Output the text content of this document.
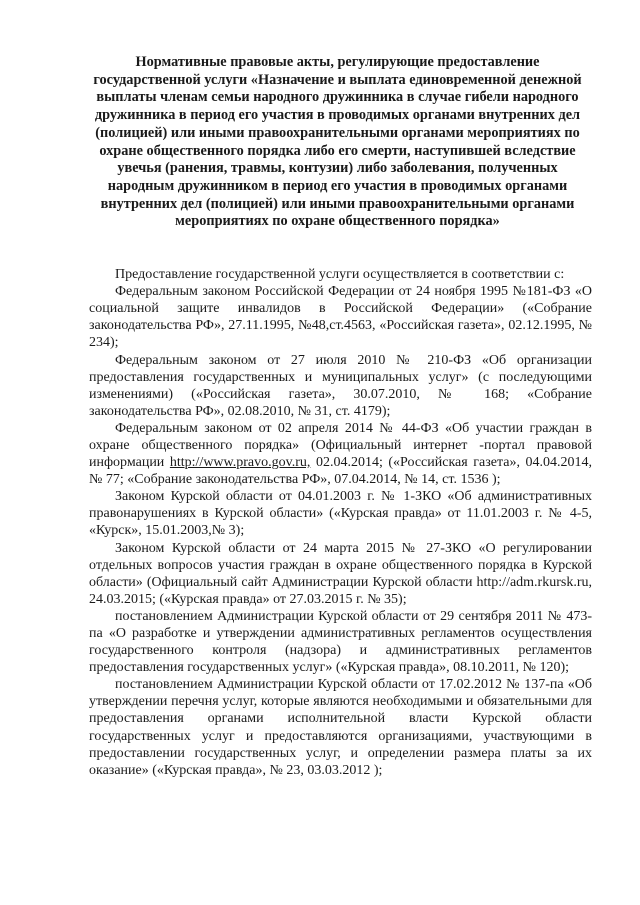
Нормативные правовые акты, регулирующие предоставление государственной услуги «Назначение и выплата единовременной денежной выплаты членам семьи народного дружинника в случае гибели народного дружинника в период его участия в проводимых органами внутренних дел (полицией) или иными правоохранительными органами мероприятиях по охране общественного порядка либо его смерти, наступившей вследствие увечья (ранения, травмы, контузии) либо заболевания, полученных народным дружинником в период его участия в проводимых органами внутренних дел (полицией) или иными правоохранительными органами мероприятиях по охране общественного порядка»

Предоставление государственной услуги осуществляется в соответствии с:

Федеральным законом Российской Федерации от 24 ноября 1995 №181-ФЗ «О социальной защите инвалидов в Российской Федерации» («Собрание законодательства РФ», 27.11.1995, №48,ст.4563, «Российская газета», 02.12.1995, № 234);

Федеральным законом от 27 июля 2010 № 210-ФЗ «Об организации предоставления государственных и муниципальных услуг» (с последующими изменениями) («Российская газета», 30.07.2010, № 168; «Собрание законодательства РФ», 02.08.2010, № 31, ст. 4179);

Федеральным законом от 02 апреля 2014 № 44-ФЗ «Об участии граждан в охране общественного порядка» (Официальный интернет -портал правовой информации http://www.pravo.gov.ru, 02.04.2014; («Российская газета», 04.04.2014, № 77; «Собрание законодательства РФ», 07.04.2014, № 14, ст. 1536 );

Законом Курской области от 04.01.2003 г. № 1-ЗКО «Об административных правонарушениях в Курской области» («Курская правда» от 11.01.2003 г. № 4-5, «Курск», 15.01.2003,№ 3);

Законом Курской области от 24 марта 2015 № 27-ЗКО «О регулировании отдельных вопросов участия граждан в охране общественного порядка в Курской области» (Официальный сайт Администрации Курской области http://adm.rkursk.ru, 24.03.2015; («Курская правда» от 27.03.2015 г. № 35);

постановлением Администрации Курской области от 29 сентября 2011 № 473-па «О разработке и утверждении административных регламентов осуществления государственного контроля (надзора) и административных регламентов предоставления государственных услуг» («Курская правда», 08.10.2011, № 120);

постановлением Администрации Курской области от 17.02.2012 № 137-па «Об утверждении перечня услуг, которые являются необходимыми и обязательными для предоставления органами исполнительной власти Курской области государственных услуг и предоставляются организациями, участвующими в предоставлении государственных услуг, и определении размера платы за их оказание» («Курская правда», № 23, 03.03.2012 );
